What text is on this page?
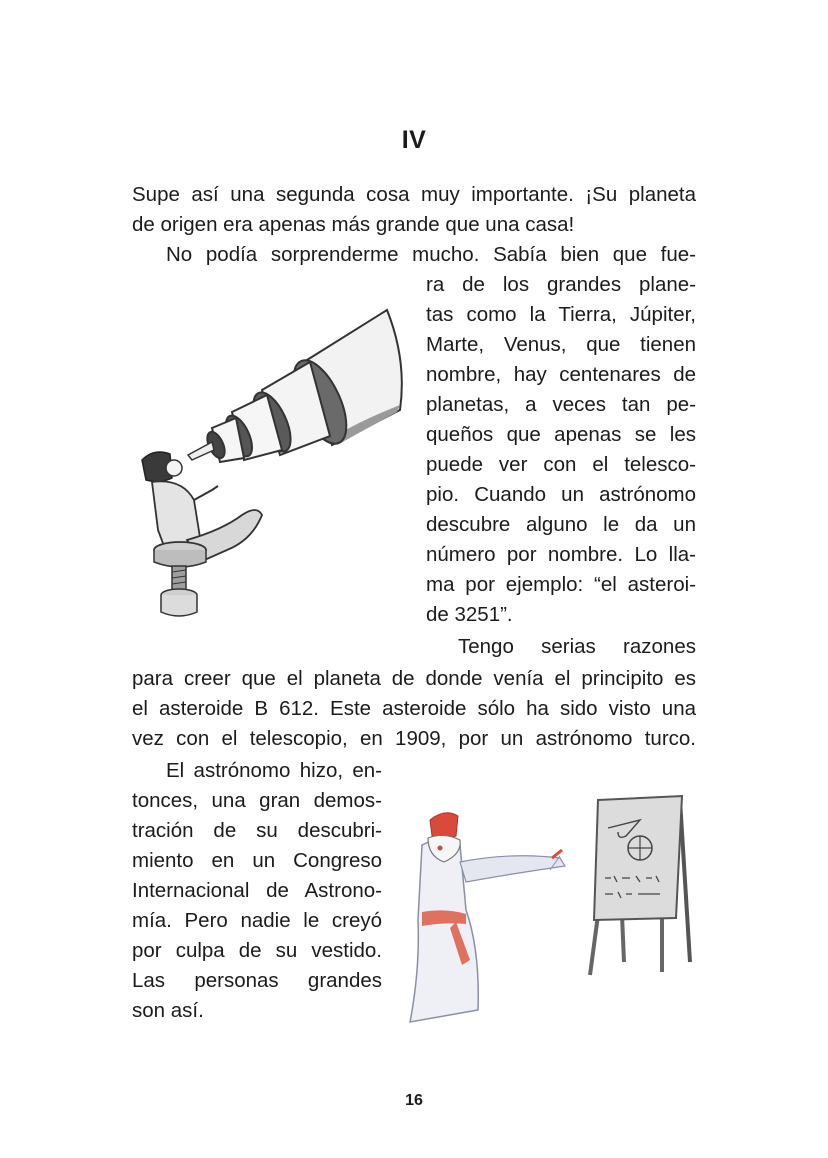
IV
Supe así una segunda cosa muy importante. ¡Su planeta
de origen era apenas más grande que una casa!
No podía sorprenderme mucho. Sabía bien que fue-
ra de los grandes plane-
tas como la Tierra, Júpiter,
Marte, Venus, que tienen
nombre, hay centenares de
planetas, a veces tan pe-
queños que apenas se les
puede ver con el telesco-
pio. Cuando un astrónomo
descubre alguno le da un
número por nombre. Lo lla-
ma por ejemplo: “el asteroi-
de 3251”.
Tengo serias razones
para creer que el planeta de donde venía el principito es
el asteroide B 612. Este asteroide sólo ha sido visto una
vez con el telescopio, en 1909, por un astrónomo turco.
El astrónomo hizo, en-
tonces, una gran demos-
tración de su descubri-
miento en un Congreso
Internacional de Astrono-
mía. Pero nadie le creyó
por culpa de su vestido.
Las personas grandes
son así.
16
